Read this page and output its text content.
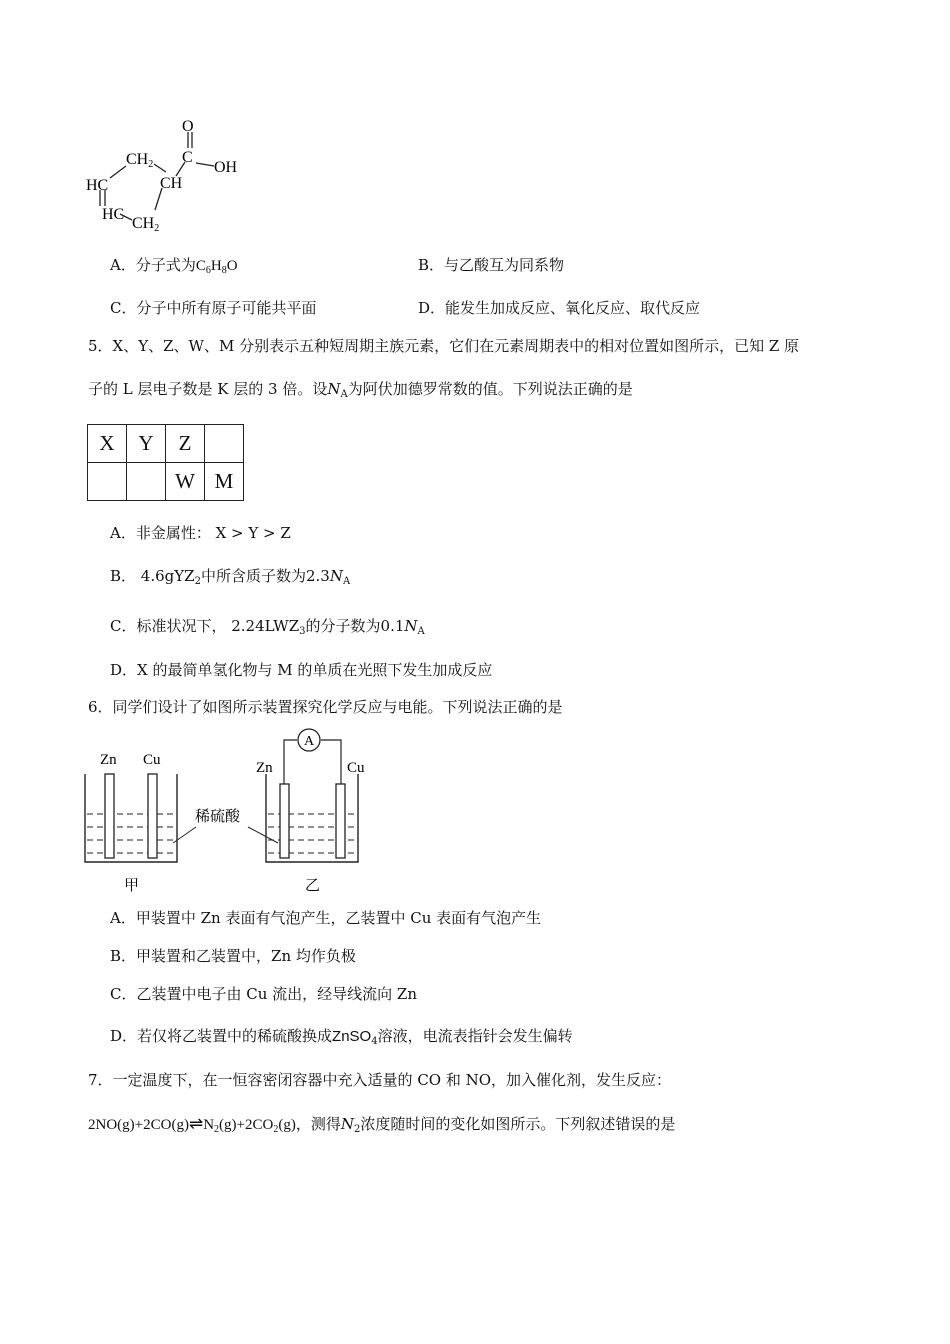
O
C
OH
CH2
CH
HC
HC
CH2
A．分子式为$C_6H_8O$	B．与乙酸互为同系物
C．分子中所有原子可能共平面	D．能发生加成反应、氧化反应、取代反应
5．X、Y、Z、W、M 分别表示五种短周期主族元素，它们在元素周期表中的相对位置如图所示，已知 Z 原
子的 L 层电子数是 K 层的 3 倍。设$N_A$为阿伏加德罗常数的值。下列说法正确的是
X	Y	Z	
		W	M
A．非金属性： X > Y > Z
B． 4.6gYZ$_2$中所含质子数为$2.3N_A$
C．标准状况下， $2.24LWZ_3$的分子数为$0.1N_A$
D．X 的最简单氢化物与 M 的单质在光照下发生加成反应
6．同学们设计了如图所示装置探究化学反应与电能。下列说法正确的是
Zn Cu
甲
稀硫酸
A
Zn	Cu
乙
A．甲装置中 Zn 表面有气泡产生，乙装置中 Cu 表面有气泡产生
B．甲装置和乙装置中，Zn 均作负极
C．乙装置中电子由 Cu 流出，经导线流向 Zn
D．若仅将乙装置中的稀硫酸换成ZnSO$_4$溶液，电流表指针会发生偏转
7．一定温度下，在一恒容密闭容器中充入适量的 CO 和 NO，加入催化剂，发生反应：
$2NO(g)+2CO(g)\rightleftharpoons N_2(g)+2CO_2(g)$，测得$N_2$浓度随时间的变化如图所示。下列叙述错误的是
